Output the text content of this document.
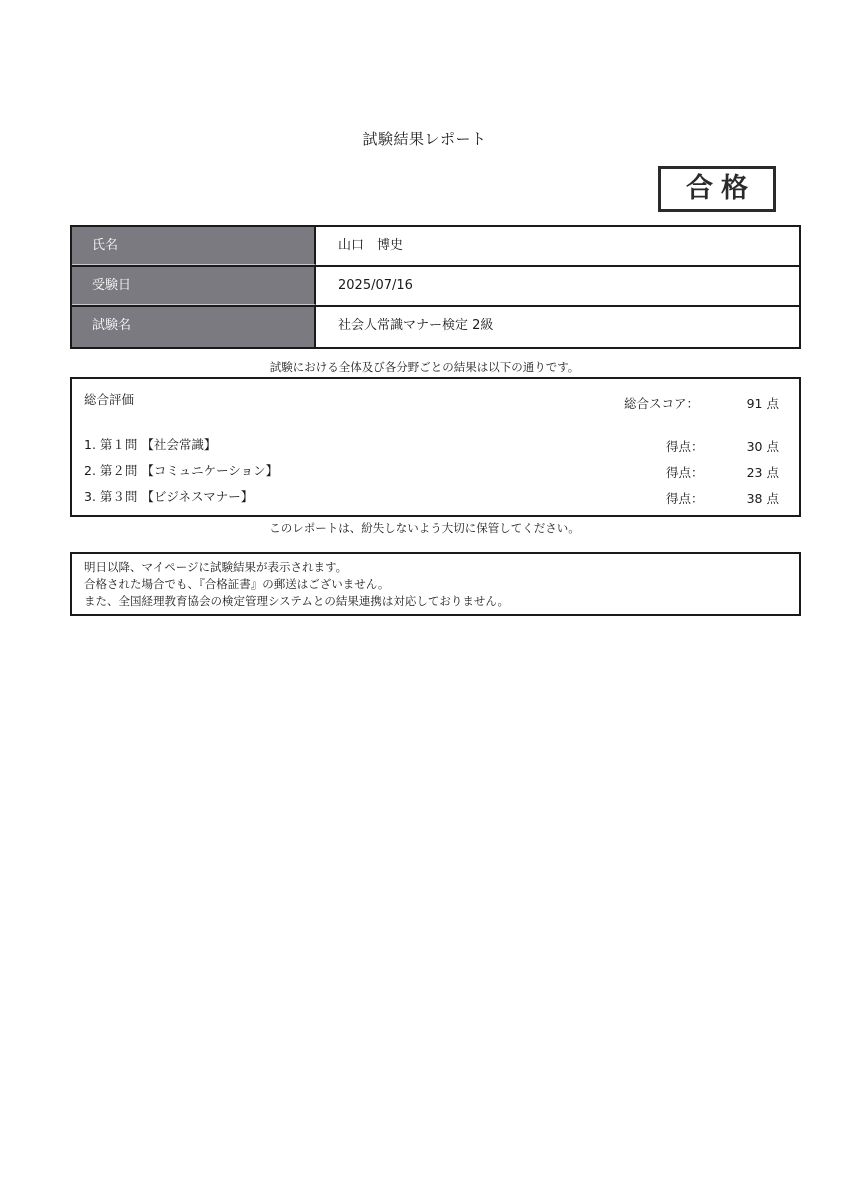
試験結果レポート
合格
氏名	山口　博史
受験日	2025/07/16
試験名	社会人常識マナー検定 2級
試験における全体及び各分野ごとの結果は以下の通りです。
総合評価	総合スコア：	91 点
1. 第１問 【社会常識】	得点：	30 点
2. 第２問 【コミュニケーション】	得点：	23 点
3. 第３問 【ビジネスマナー】	得点：	38 点
このレポートは、紛失しないよう大切に保管してください。
明日以降、マイページに試験結果が表示されます。
合格された場合でも、『合格証書』の郵送はございません。
また、全国経理教育協会の検定管理システムとの結果連携は対応しておりません。
